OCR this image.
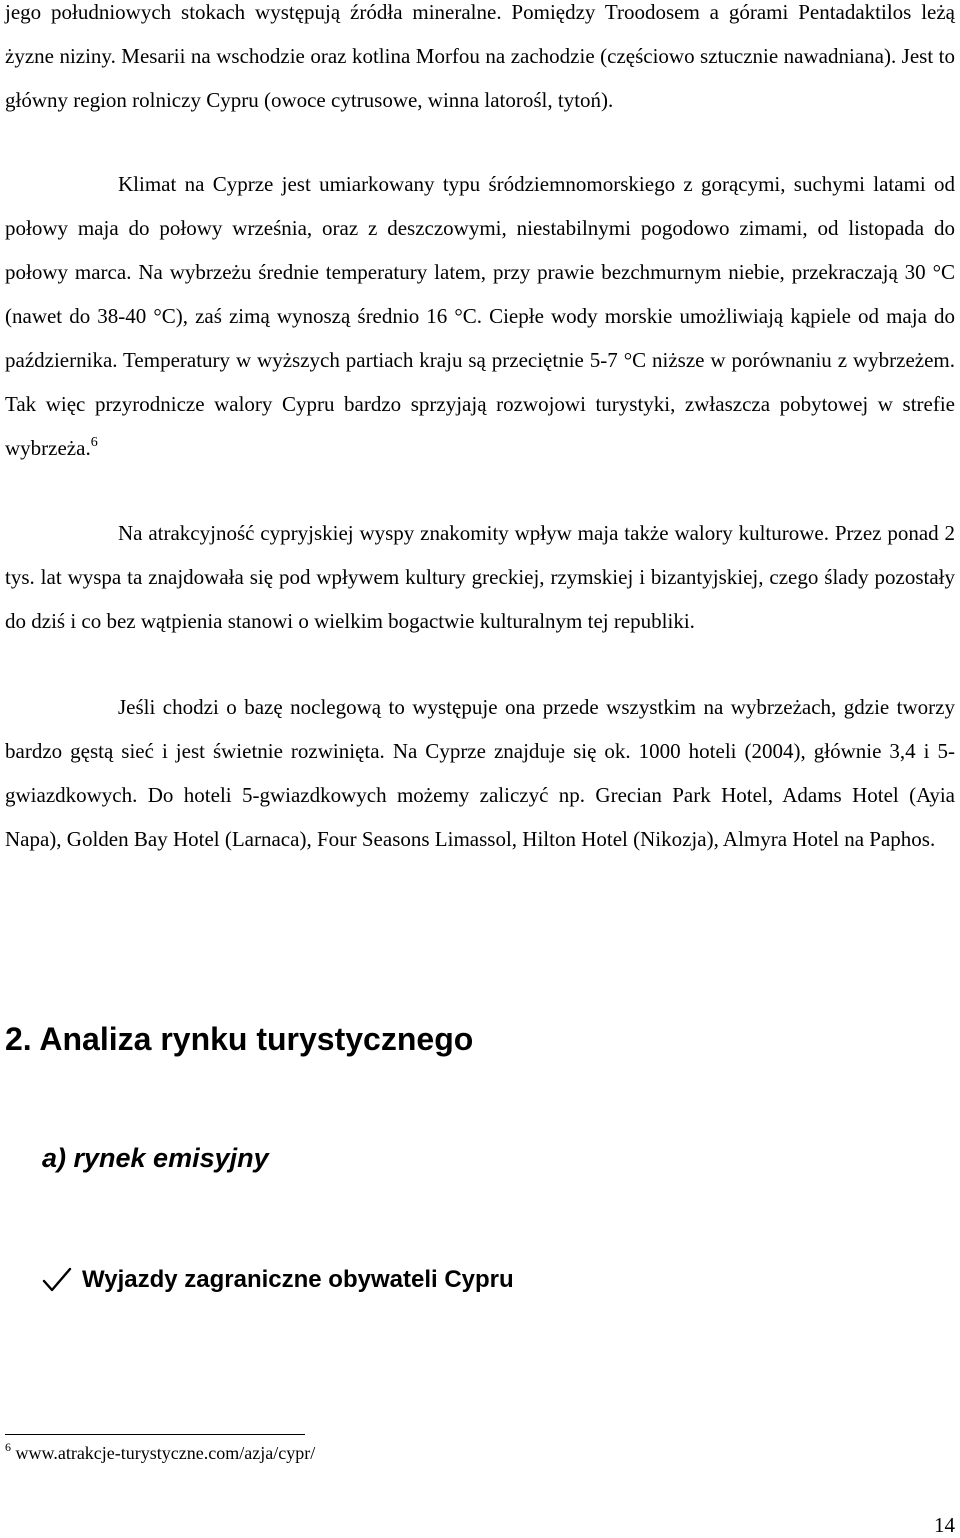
jego południowych stokach występują źródła mineralne. Pomiędzy Troodosem a górami Pentadaktilos leżą żyzne niziny. Mesarii na wschodzie oraz kotlina Morfou na zachodzie (częściowo sztucznie nawadniana). Jest to główny region rolniczy Cypru (owoce cytrusowe, winna latorośl, tytoń).

Klimat na Cyprze jest umiarkowany typu śródziemnomorskiego z gorącymi, suchymi latami od połowy maja do połowy września, oraz z deszczowymi, niestabilnymi pogodowo zimami, od listopada do połowy marca. Na wybrzeżu średnie temperatury latem, przy prawie bezchmurnym niebie, przekraczają 30 °C (nawet do 38-40 °C), zaś zimą wynoszą średnio 16 °C. Ciepłe wody morskie umożliwiają kąpiele od maja do października. Temperatury w wyższych partiach kraju są przeciętnie 5-7 °C niższe w porównaniu z wybrzeżem. Tak więc przyrodnicze walory Cypru bardzo sprzyjają rozwojowi turystyki, zwłaszcza pobytowej w strefie wybrzeża.$^6$

Na atrakcyjność cypryjskiej wyspy znakomity wpływ maja także walory kulturowe. Przez ponad 2 tys. lat wyspa ta znajdowała się pod wpływem kultury greckiej, rzymskiej i bizantyjskiej, czego ślady pozostały do dziś i co bez wątpienia stanowi o wielkim bogactwie kulturalnym tej republiki.

Jeśli chodzi o bazę noclegową to występuje ona przede wszystkim na wybrzeżach, gdzie tworzy bardzo gęstą sieć i jest świetnie rozwinięta. Na Cyprze znajduje się ok. 1000 hoteli (2004), głównie 3,4 i 5-gwiazdkowych. Do hoteli 5-gwiazdkowych możemy zaliczyć np. Grecian Park Hotel, Adams Hotel (Ayia Napa), Golden Bay Hotel (Larnaca), Four Seasons Limassol, Hilton Hotel (Nikozja), Almyra Hotel na Paphos.

2. Analiza rynku turystycznego
a) rynek emisyjny
Wyjazdy zagraniczne obywateli Cypru

$^6$ www.atrakcje-turystyczne.com/azja/cypr/

14
